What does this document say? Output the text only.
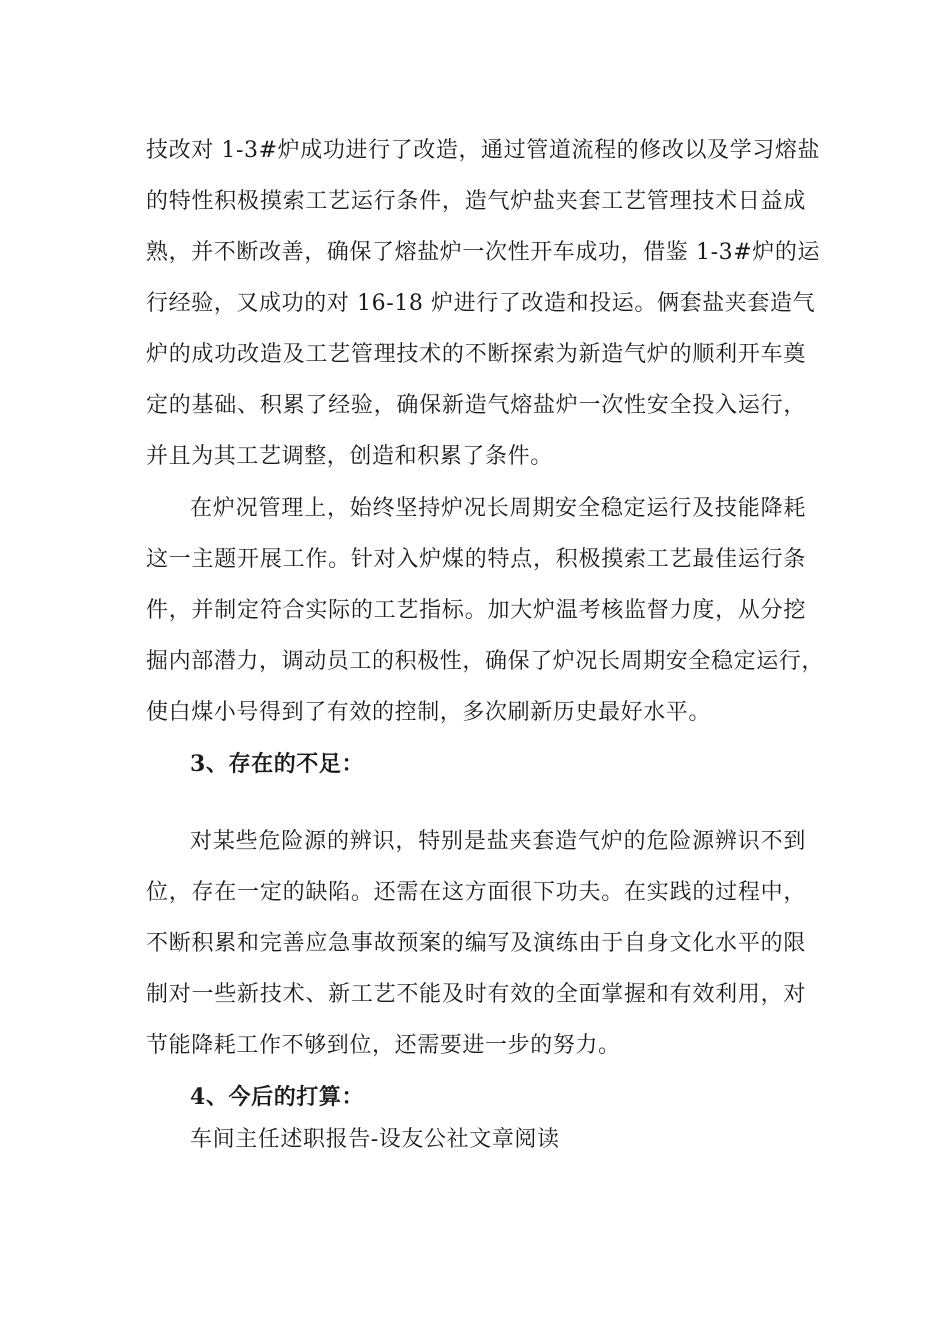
技改对 1-3#炉成功进行了改造，通过管道流程的修改以及学习熔盐
的特性积极摸索工艺运行条件，造气炉盐夹套工艺管理技术日益成
熟，并不断改善，确保了熔盐炉一次性开车成功，借鉴 1-3#炉的运
行经验，又成功的对 16-18 炉进行了改造和投运。俩套盐夹套造气
炉的成功改造及工艺管理技术的不断探索为新造气炉的顺利开车奠
定的基础、积累了经验，确保新造气熔盐炉一次性安全投入运行，
并且为其工艺调整，创造和积累了条件。
在炉况管理上，始终坚持炉况长周期安全稳定运行及技能降耗
这一主题开展工作。针对入炉煤的特点，积极摸索工艺最佳运行条
件，并制定符合实际的工艺指标。加大炉温考核监督力度，从分挖
掘内部潜力，调动员工的积极性，确保了炉况长周期安全稳定运行，
使白煤小号得到了有效的控制，多次刷新历史最好水平。
3、存在的不足：
对某些危险源的辨识，特别是盐夹套造气炉的危险源辨识不到
位，存在一定的缺陷。还需在这方面很下功夫。在实践的过程中，
不断积累和完善应急事故预案的编写及演练由于自身文化水平的限
制对一些新技术、新工艺不能及时有效的全面掌握和有效利用，对
节能降耗工作不够到位，还需要进一步的努力。
4、今后的打算：
车间主任述职报告-设友公社文章阅读
